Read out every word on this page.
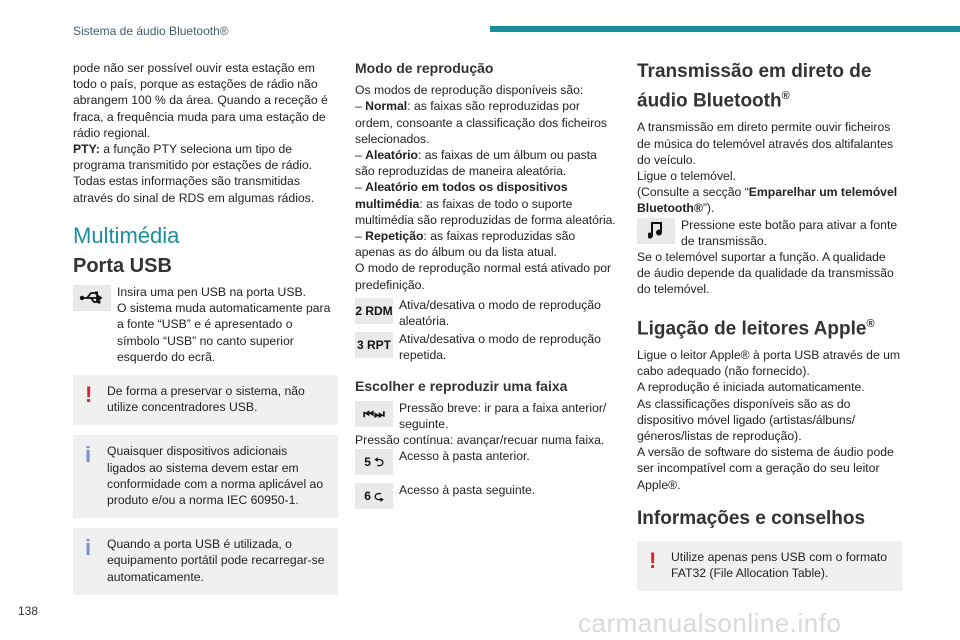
Sistema de áudio Bluetooth®

pode não ser possível ouvir esta estação em todo o país, porque as estações de rádio não abrangem 100 % da área. Quando a receção é fraca, a frequência muda para uma estação de rádio regional.

PTY: a função PTY seleciona um tipo de programa transmitido por estações de rádio.

Todas estas informações são transmitidas através do sinal de RDS em algumas rádios.

Multimédia
Porta USB

Insira uma pen USB na porta USB.

O sistema muda automaticamente para a fonte “USB” e é apresentado o símbolo “USB” no canto superior esquerdo do ecrã.

! De forma a preservar o sistema, não utilize concentradores USB.

i Quaisquer dispositivos adicionais ligados ao sistema devem estar em conformidade com a norma aplicável ao produto e/ou a norma IEC 60950-1.

i Quando a porta USB é utilizada, o equipamento portátil pode recarregar-se automaticamente.

Modo de reprodução

Os modos de reprodução disponíveis são:

– Normal: as faixas são reproduzidas por ordem, consoante a classificação dos ficheiros selecionados.

– Aleatório: as faixas de um álbum ou pasta são reproduzidas de maneira aleatória.

– Aleatório em todos os dispositivos multimédia: as faixas de todo o suporte multimédia são reproduzidas de forma aleatória.

– Repetição: as faixas reproduzidas são apenas as do álbum ou da lista atual.

O modo de reprodução normal está ativado por predefinição.

2 RDM Ativa/desativa o modo de reprodução aleatória.

3 RPT Ativa/desativa o modo de reprodução repetida.

Escolher e reproduzir uma faixa
⏮⏭	Pressão breve: ir para a faixa anterior/ seguinte.

Pressão contínua: avançar/recuar numa faixa.

5 ⮌	Acesso à pasta anterior.

6 ⮎	Acesso à pasta seguinte.

Transmissão em direto de áudio Bluetooth®

A transmissão em direto permite ouvir ficheiros de música do telemóvel através dos altifalantes do veículo.

Ligue o telemóvel.

(Consulte a secção “Emparelhar um telemóvel Bluetooth®”).

Pressione este botão para ativar a fonte de transmissão.

Se o telemóvel suportar a função. A qualidade de áudio depende da qualidade da transmissão do telemóvel.

Ligação de leitores Apple®

Ligue o leitor Apple® à porta USB através de um cabo adequado (não fornecido).

A reprodução é iniciada automaticamente.

As classificações disponíveis são as do dispositivo móvel ligado (artistas/álbuns/ géneros/listas de reprodução).

A versão de software do sistema de áudio pode ser incompatível com a geração do seu leitor Apple®.

Informações e conselhos
! Utilize apenas pens USB com o formato FAT32 (File Allocation Table).

138	carmanualsonline.info
